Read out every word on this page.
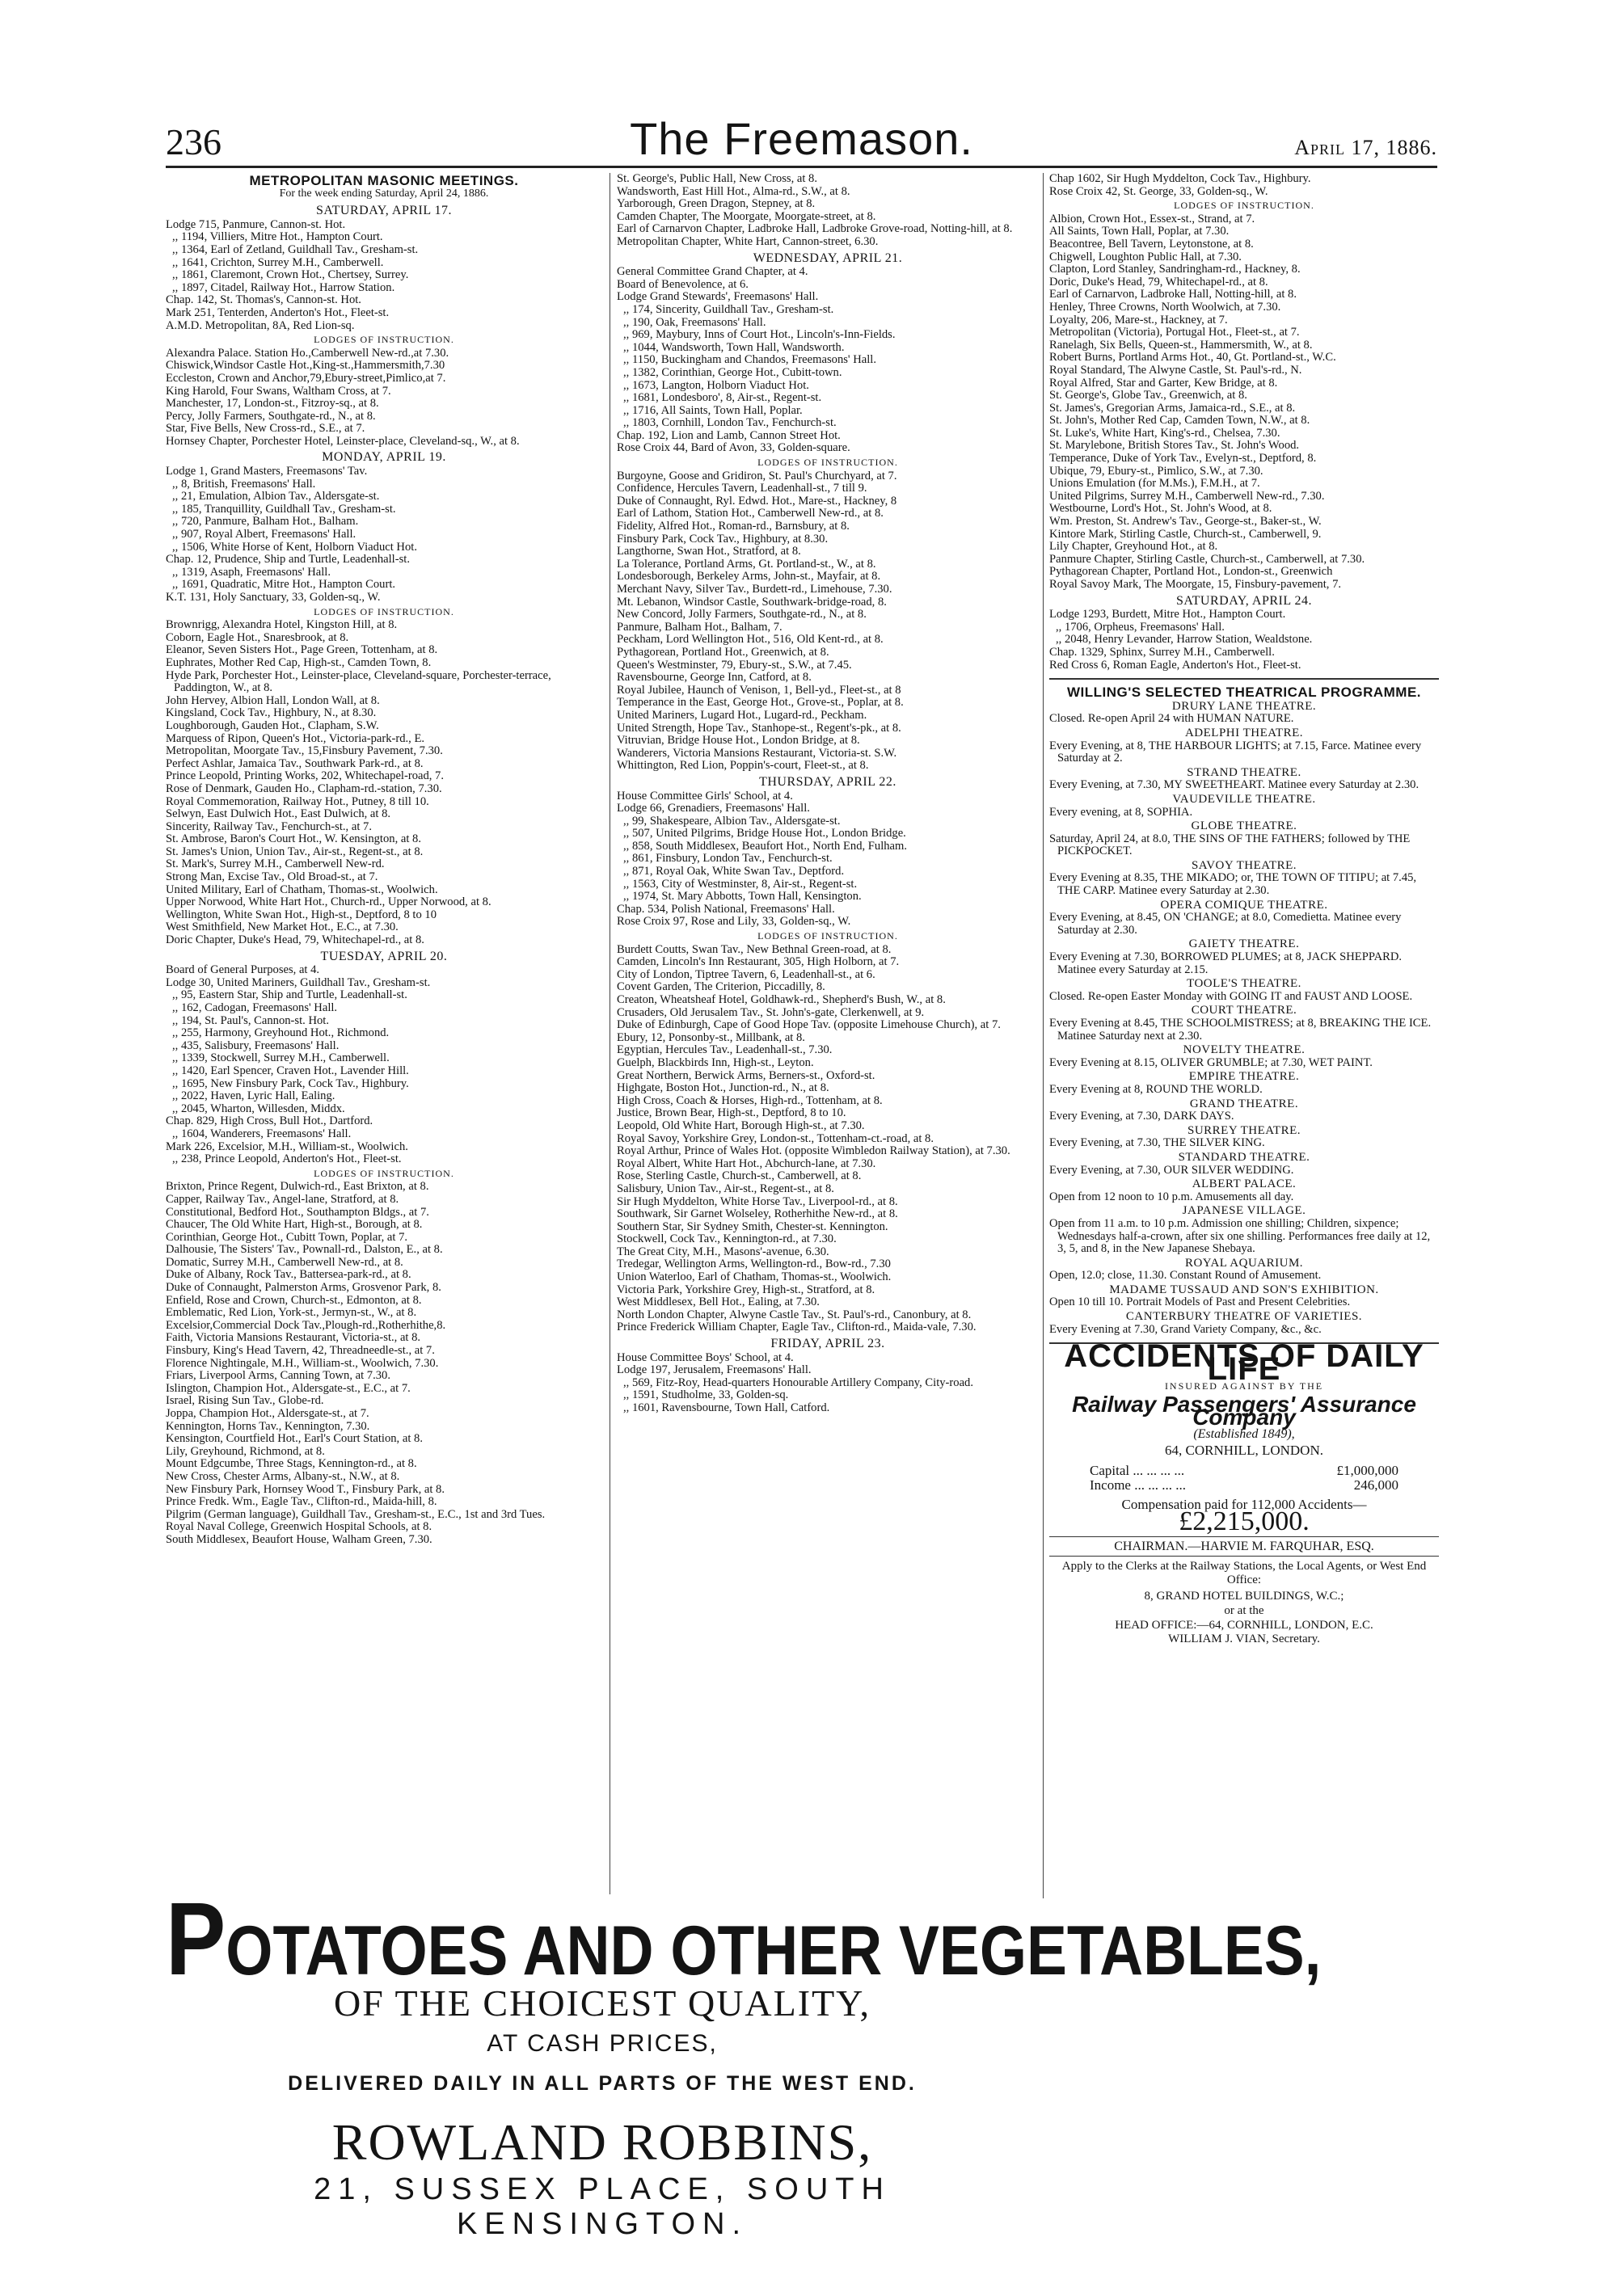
236	The Freemason.	April 17, 1886.

METROPOLITAN MASONIC MEETINGS.

For the week ending Saturday, April 24, 1886.

SATURDAY, APRIL 17.

Lodge 715, Panmure, Cannon-st. Hot.

,, 1194, Villiers, Mitre Hot., Hampton Court.

,, 1364, Earl of Zetland, Guildhall Tav., Gresham-st.

,, 1641, Crichton, Surrey M.H., Camberwell.

,, 1861, Claremont, Crown Hot., Chertsey, Surrey.

,, 1897, Citadel, Railway Hot., Harrow Station.

Chap. 142, St. Thomas's, Cannon-st. Hot.

Mark 251, Tenterden, Anderton's Hot., Fleet-st.

A.M.D. Metropolitan, 8A, Red Lion-sq.

LODGES OF INSTRUCTION.

Alexandra Palace. Station Ho.,Camberwell New-rd.,at 7.30.

Chiswick,Windsor Castle Hot.,King-st.,Hammersmith,7.30

Eccleston, Crown and Anchor,79,Ebury-street,Pimlico,at 7.

King Harold, Four Swans, Waltham Cross, at 7.

Manchester, 17, London-st., Fitzroy-sq., at 8.

Percy, Jolly Farmers, Southgate-rd., N., at 8.

Star, Five Bells, New Cross-rd., S.E., at 7.

Hornsey Chapter, Porchester Hotel, Leinster-place, Cleveland-sq., W., at 8.

MONDAY, APRIL 19.

Lodge 1, Grand Masters, Freemasons' Tav.

,, 8, British, Freemasons' Hall.

,, 21, Emulation, Albion Tav., Aldersgate-st.

,, 185, Tranquillity, Guildhall Tav., Gresham-st.

,, 720, Panmure, Balham Hot., Balham.

,, 907, Royal Albert, Freemasons' Hall.

,, 1506, White Horse of Kent, Holborn Viaduct Hot.

Chap. 12, Prudence, Ship and Turtle, Leadenhall-st.

,, 1319, Asaph, Freemasons' Hall.

,, 1691, Quadratic, Mitre Hot., Hampton Court.

K.T. 131, Holy Sanctuary, 33, Golden-sq., W.

LODGES OF INSTRUCTION.

Brownrigg, Alexandra Hotel, Kingston Hill, at 8.

Coborn, Eagle Hot., Snaresbrook, at 8.

Eleanor, Seven Sisters Hot., Page Green, Tottenham, at 8.

Euphrates, Mother Red Cap, High-st., Camden Town, 8.

Hyde Park, Porchester Hot., Leinster-place, Cleveland-square, Porchester-terrace, Paddington, W., at 8.

John Hervey, Albion Hall, London Wall, at 8.

Kingsland, Cock Tav., Highbury, N., at 8.30.

Loughborough, Gauden Hot., Clapham, S.W.

Marquess of Ripon, Queen's Hot., Victoria-park-rd., E.

Metropolitan, Moorgate Tav., 15,Finsbury Pavement, 7.30.

Perfect Ashlar, Jamaica Tav., Southwark Park-rd., at 8.

Prince Leopold, Printing Works, 202, Whitechapel-road, 7.

Rose of Denmark, Gauden Ho., Clapham-rd.-station, 7.30.

Royal Commemoration, Railway Hot., Putney, 8 till 10.

Selwyn, East Dulwich Hot., East Dulwich, at 8.

Sincerity, Railway Tav., Fenchurch-st., at 7.

St. Ambrose, Baron's Court Hot., W. Kensington, at 8.

St. James's Union, Union Tav., Air-st., Regent-st., at 8.

St. Mark's, Surrey M.H., Camberwell New-rd.

Strong Man, Excise Tav., Old Broad-st., at 7.

United Military, Earl of Chatham, Thomas-st., Woolwich.

Upper Norwood, White Hart Hot., Church-rd., Upper Norwood, at 8.

Wellington, White Swan Hot., High-st., Deptford, 8 to 10

West Smithfield, New Market Hot., E.C., at 7.30.

Doric Chapter, Duke's Head, 79, Whitechapel-rd., at 8.

TUESDAY, APRIL 20.

Board of General Purposes, at 4.

Lodge 30, United Mariners, Guildhall Tav., Gresham-st.

,, 95, Eastern Star, Ship and Turtle, Leadenhall-st.

,, 162, Cadogan, Freemasons' Hall.

,, 194, St. Paul's, Cannon-st. Hot.

,, 255, Harmony, Greyhound Hot., Richmond.

,, 435, Salisbury, Freemasons' Hall.

,, 1339, Stockwell, Surrey M.H., Camberwell.

,, 1420, Earl Spencer, Craven Hot., Lavender Hill.

,, 1695, New Finsbury Park, Cock Tav., Highbury.

,, 2022, Haven, Lyric Hall, Ealing.

,, 2045, Wharton, Willesden, Middx.

Chap. 829, High Cross, Bull Hot., Dartford.

,, 1604, Wanderers, Freemasons' Hall.

Mark 226, Excelsior, M.H., William-st., Woolwich.

,, 238, Prince Leopold, Anderton's Hot., Fleet-st.

LODGES OF INSTRUCTION.

Brixton, Prince Regent, Dulwich-rd., East Brixton, at 8.

Capper, Railway Tav., Angel-lane, Stratford, at 8.

Constitutional, Bedford Hot., Southampton Bldgs., at 7.

Chaucer, The Old White Hart, High-st., Borough, at 8.

Corinthian, George Hot., Cubitt Town, Poplar, at 7.

Dalhousie, The Sisters' Tav., Pownall-rd., Dalston, E., at 8.

Domatic, Surrey M.H., Camberwell New-rd., at 8.

Duke of Albany, Rock Tav., Battersea-park-rd., at 8.

Duke of Connaught, Palmerston Arms, Grosvenor Park, 8.

Enfield, Rose and Crown, Church-st., Edmonton, at 8.

Emblematic, Red Lion, York-st., Jermyn-st., W., at 8.

Excelsior,Commercial Dock Tav.,Plough-rd.,Rotherhithe,8.

Faith, Victoria Mansions Restaurant, Victoria-st., at 8.

Finsbury, King's Head Tavern, 42, Threadneedle-st., at 7.

Florence Nightingale, M.H., William-st., Woolwich, 7.30.

Friars, Liverpool Arms, Canning Town, at 7.30.

Islington, Champion Hot., Aldersgate-st., E.C., at 7.

Israel, Rising Sun Tav., Globe-rd.

Joppa, Champion Hot., Aldersgate-st., at 7.

Kennington, Horns Tav., Kennington, 7.30.

Kensington, Courtfield Hot., Earl's Court Station, at 8.

Lily, Greyhound, Richmond, at 8.

Mount Edgcumbe, Three Stags, Kennington-rd., at 8.

New Cross, Chester Arms, Albany-st., N.W., at 8.

New Finsbury Park, Hornsey Wood T., Finsbury Park, at 8.

Prince Fredk. Wm., Eagle Tav., Clifton-rd., Maida-hill, 8.

Pilgrim (German language), Guildhall Tav., Gresham-st., E.C., 1st and 3rd Tues.

Royal Naval College, Greenwich Hospital Schools, at 8.

South Middlesex, Beaufort House, Walham Green, 7.30.

St. George's, Public Hall, New Cross, at 8.

Wandsworth, East Hill Hot., Alma-rd., S.W., at 8.

Yarborough, Green Dragon, Stepney, at 8.

Camden Chapter, The Moorgate, Moorgate-street, at 8.

Earl of Carnarvon Chapter, Ladbroke Hall, Ladbroke Grove-road, Notting-hill, at 8.

Metropolitan Chapter, White Hart, Cannon-street, 6.30.

WEDNESDAY, APRIL 21.

General Committee Grand Chapter, at 4.

Board of Benevolence, at 6.

Lodge Grand Stewards', Freemasons' Hall.

,, 174, Sincerity, Guildhall Tav., Gresham-st.

,, 190, Oak, Freemasons' Hall.

,, 969, Maybury, Inns of Court Hot., Lincoln's-Inn-Fields.

,, 1044, Wandsworth, Town Hall, Wandsworth.

,, 1150, Buckingham and Chandos, Freemasons' Hall.

,, 1382, Corinthian, George Hot., Cubitt-town.

,, 1673, Langton, Holborn Viaduct Hot.

,, 1681, Londesboro', 8, Air-st., Regent-st.

,, 1716, All Saints, Town Hall, Poplar.

,, 1803, Cornhill, London Tav., Fenchurch-st.

Chap. 192, Lion and Lamb, Cannon Street Hot.

Rose Croix 44, Bard of Avon, 33, Golden-square.

LODGES OF INSTRUCTION.

Burgoyne, Goose and Gridiron, St. Paul's Churchyard, at 7.

Confidence, Hercules Tavern, Leadenhall-st., 7 till 9.

Duke of Connaught, Ryl. Edwd. Hot., Mare-st., Hackney, 8

Earl of Lathom, Station Hot., Camberwell New-rd., at 8.

Fidelity, Alfred Hot., Roman-rd., Barnsbury, at 8.

Finsbury Park, Cock Tav., Highbury, at 8.30.

Langthorne, Swan Hot., Stratford, at 8.

La Tolerance, Portland Arms, Gt. Portland-st., W., at 8.

Londesborough, Berkeley Arms, John-st., Mayfair, at 8.

Merchant Navy, Silver Tav., Burdett-rd., Limehouse, 7.30.

Mt. Lebanon, Windsor Castle, Southwark-bridge-road, 8.

New Concord, Jolly Farmers, Southgate-rd., N., at 8.

Panmure, Balham Hot., Balham, 7.

Peckham, Lord Wellington Hot., 516, Old Kent-rd., at 8.

Pythagorean, Portland Hot., Greenwich, at 8.

Queen's Westminster, 79, Ebury-st., S.W., at 7.45.

Ravensbourne, George Inn, Catford, at 8.

Royal Jubilee, Haunch of Venison, 1, Bell-yd., Fleet-st., at 8

Temperance in the East, George Hot., Grove-st., Poplar, at 8.

United Mariners, Lugard Hot., Lugard-rd., Peckham.

United Strength, Hope Tav., Stanhope-st., Regent's-pk., at 8.

Vitruvian, Bridge House Hot., London Bridge, at 8.

Wanderers, Victoria Mansions Restaurant, Victoria-st. S.W.

Whittington, Red Lion, Poppin's-court, Fleet-st., at 8.

THURSDAY, APRIL 22.

House Committee Girls' School, at 4.

Lodge 66, Grenadiers, Freemasons' Hall.

,, 99, Shakespeare, Albion Tav., Aldersgate-st.

,, 507, United Pilgrims, Bridge House Hot., London Bridge.

,, 858, South Middlesex, Beaufort Hot., North End, Fulham.

,, 861, Finsbury, London Tav., Fenchurch-st.

,, 871, Royal Oak, White Swan Tav., Deptford.

,, 1563, City of Westminster, 8, Air-st., Regent-st.

,, 1974, St. Mary Abbotts, Town Hall, Kensington.

Chap. 534, Polish National, Freemasons' Hall.

Rose Croix 97, Rose and Lily, 33, Golden-sq., W.

LODGES OF INSTRUCTION.

Burdett Coutts, Swan Tav., New Bethnal Green-road, at 8.

Camden, Lincoln's Inn Restaurant, 305, High Holborn, at 7.

City of London, Tiptree Tavern, 6, Leadenhall-st., at 6.

Covent Garden, The Criterion, Piccadilly, 8.

Creaton, Wheatsheaf Hotel, Goldhawk-rd., Shepherd's Bush, W., at 8.

Crusaders, Old Jerusalem Tav., St. John's-gate, Clerkenwell, at 9.

Duke of Edinburgh, Cape of Good Hope Tav. (opposite Limehouse Church), at 7.

Ebury, 12, Ponsonby-st., Millbank, at 8.

Egyptian, Hercules Tav., Leadenhall-st., 7.30.

Guelph, Blackbirds Inn, High-st., Leyton.

Great Northern, Berwick Arms, Berners-st., Oxford-st.

Highgate, Boston Hot., Junction-rd., N., at 8.

High Cross, Coach & Horses, High-rd., Tottenham, at 8.

Justice, Brown Bear, High-st., Deptford, 8 to 10.

Leopold, Old White Hart, Borough High-st., at 7.30.

Royal Savoy, Yorkshire Grey, London-st., Tottenham-ct.-road, at 8.

Royal Arthur, Prince of Wales Hot. (opposite Wimbledon Railway Station), at 7.30.

Royal Albert, White Hart Hot., Abchurch-lane, at 7.30.

Rose, Sterling Castle, Church-st., Camberwell, at 8.

Salisbury, Union Tav., Air-st., Regent-st., at 8.

Sir Hugh Myddelton, White Horse Tav., Liverpool-rd., at 8.

Southwark, Sir Garnet Wolseley, Rotherhithe New-rd., at 8.

Southern Star, Sir Sydney Smith, Chester-st. Kennington.

Stockwell, Cock Tav., Kennington-rd., at 7.30.

The Great City, M.H., Masons'-avenue, 6.30.

Tredegar, Wellington Arms, Wellington-rd., Bow-rd., 7.30

Union Waterloo, Earl of Chatham, Thomas-st., Woolwich.

Victoria Park, Yorkshire Grey, High-st., Stratford, at 8.

West Middlesex, Bell Hot., Ealing, at 7.30.

North London Chapter, Alwyne Castle Tav., St. Paul's-rd., Canonbury, at 8.

Prince Frederick William Chapter, Eagle Tav., Clifton-rd., Maida-vale, 7.30.

FRIDAY, APRIL 23.

House Committee Boys' School, at 4.

Lodge 197, Jerusalem, Freemasons' Hall.

,, 569, Fitz-Roy, Head-quarters Honourable Artillery Company, City-road.

,, 1591, Studholme, 33, Golden-sq.

,, 1601, Ravensbourne, Town Hall, Catford.

Chap 1602, Sir Hugh Myddelton, Cock Tav., Highbury.

Rose Croix 42, St. George, 33, Golden-sq., W.

LODGES OF INSTRUCTION.

Albion, Crown Hot., Essex-st., Strand, at 7.

All Saints, Town Hall, Poplar, at 7.30.

Beacontree, Bell Tavern, Leytonstone, at 8.

Chigwell, Loughton Public Hall, at 7.30.

Clapton, Lord Stanley, Sandringham-rd., Hackney, 8.

Doric, Duke's Head, 79, Whitechapel-rd., at 8.

Earl of Carnarvon, Ladbroke Hall, Notting-hill, at 8.

Henley, Three Crowns, North Woolwich, at 7.30.

Loyalty, 206, Mare-st., Hackney, at 7.

Metropolitan (Victoria), Portugal Hot., Fleet-st., at 7.

Ranelagh, Six Bells, Queen-st., Hammersmith, W., at 8.

Robert Burns, Portland Arms Hot., 40, Gt. Portland-st., W.C.

Royal Standard, The Alwyne Castle, St. Paul's-rd., N.

Royal Alfred, Star and Garter, Kew Bridge, at 8.

St. George's, Globe Tav., Greenwich, at 8.

St. James's, Gregorian Arms, Jamaica-rd., S.E., at 8.

St. John's, Mother Red Cap, Camden Town, N.W., at 8.

St. Luke's, White Hart, King's-rd., Chelsea, 7.30.

St. Marylebone, British Stores Tav., St. John's Wood.

Temperance, Duke of York Tav., Evelyn-st., Deptford, 8.

Ubique, 79, Ebury-st., Pimlico, S.W., at 7.30.

Unions Emulation (for M.Ms.), F.M.H., at 7.

United Pilgrims, Surrey M.H., Camberwell New-rd., 7.30.

Westbourne, Lord's Hot., St. John's Wood, at 8.

Wm. Preston, St. Andrew's Tav., George-st., Baker-st., W.

Kintore Mark, Stirling Castle, Church-st., Camberwell, 9.

Lily Chapter, Greyhound Hot., at 8.

Panmure Chapter, Stirling Castle, Church-st., Camberwell, at 7.30.

Pythagorean Chapter, Portland Hot., London-st., Greenwich

Royal Savoy Mark, The Moorgate, 15, Finsbury-pavement, 7.

SATURDAY, APRIL 24.

Lodge 1293, Burdett, Mitre Hot., Hampton Court.

,, 1706, Orpheus, Freemasons' Hall.

,, 2048, Henry Levander, Harrow Station, Wealdstone.

Chap. 1329, Sphinx, Surrey M.H., Camberwell.

Red Cross 6, Roman Eagle, Anderton's Hot., Fleet-st.

WILLING'S SELECTED THEATRICAL PROGRAMME.

DRURY LANE THEATRE.

Closed. Re-open April 24 with HUMAN NATURE.

ADELPHI THEATRE.

Every Evening, at 8, THE HARBOUR LIGHTS; at 7.15, Farce. Matinee every Saturday at 2.

STRAND THEATRE.

Every Evening, at 7.30, MY SWEETHEART. Matinee every Saturday at 2.30.

VAUDEVILLE THEATRE.

Every evening, at 8, SOPHIA.

GLOBE THEATRE.

Saturday, April 24, at 8.0, THE SINS OF THE FATHERS; followed by THE PICKPOCKET.

SAVOY THEATRE.

Every Evening at 8.35, THE MIKADO; or, THE TOWN OF TITIPU; at 7.45, THE CARP. Matinee every Saturday at 2.30.

OPERA COMIQUE THEATRE.

Every Evening, at 8.45, ON 'CHANGE; at 8.0, Comedietta. Matinee every Saturday at 2.30.

GAIETY THEATRE.

Every Evening at 7.30, BORROWED PLUMES; at 8, JACK SHEPPARD. Matinee every Saturday at 2.15.

TOOLE'S THEATRE.

Closed. Re-open Easter Monday with GOING IT and FAUST AND LOOSE.

COURT THEATRE.

Every Evening at 8.45, THE SCHOOLMISTRESS; at 8, BREAKING THE ICE. Matinee Saturday next at 2.30.

NOVELTY THEATRE.

Every Evening at 8.15, OLIVER GRUMBLE; at 7.30, WET PAINT.

EMPIRE THEATRE.

Every Evening at 8, ROUND THE WORLD.

GRAND THEATRE.

Every Evening, at 7.30, DARK DAYS.

SURREY THEATRE.

Every Evening, at 7.30, THE SILVER KING.

STANDARD THEATRE.

Every Evening, at 7.30, OUR SILVER WEDDING.

ALBERT PALACE.

Open from 12 noon to 10 p.m. Amusements all day.

JAPANESE VILLAGE.

Open from 11 a.m. to 10 p.m. Admission one shilling; Children, sixpence; Wednesdays half-a-crown, after six one shilling. Performances free daily at 12, 3, 5, and 8, in the New Japanese Shebaya.

ROYAL AQUARIUM.

Open, 12.0; close, 11.30. Constant Round of Amusement.

MADAME TUSSAUD AND SON'S EXHIBITION.

Open 10 till 10. Portrait Models of Past and Present Celebrities.

CANTERBURY THEATRE OF VARIETIES.

Every Evening at 7.30, Grand Variety Company, &c., &c.

ACCIDENTS OF DAILY LIFE

INSURED AGAINST BY THE

Railway Passengers' Assurance Company

(Established 1849),

64, CORNHILL, LONDON.

Capital ... ... ... ...	£1,000,000
Income ... ... ... ...	246,000

Compensation paid for 112,000 Accidents—

£2,215,000.

CHAIRMAN.—HARVIE M. FARQUHAR, ESQ.

Apply to the Clerks at the Railway Stations, the Local Agents, or West End Office:

8, GRAND HOTEL BUILDINGS, W.C.;

or at the

HEAD OFFICE:—64, CORNHILL, LONDON, E.C.

WILLIAM J. VIAN, Secretary.

POTATOES AND OTHER VEGETABLES,
OF THE CHOICEST QUALITY,
AT CASH PRICES,
DELIVERED DAILY IN ALL PARTS OF THE WEST END.
ROWLAND ROBBINS,
21, SUSSEX PLACE, SOUTH KENSINGTON.
